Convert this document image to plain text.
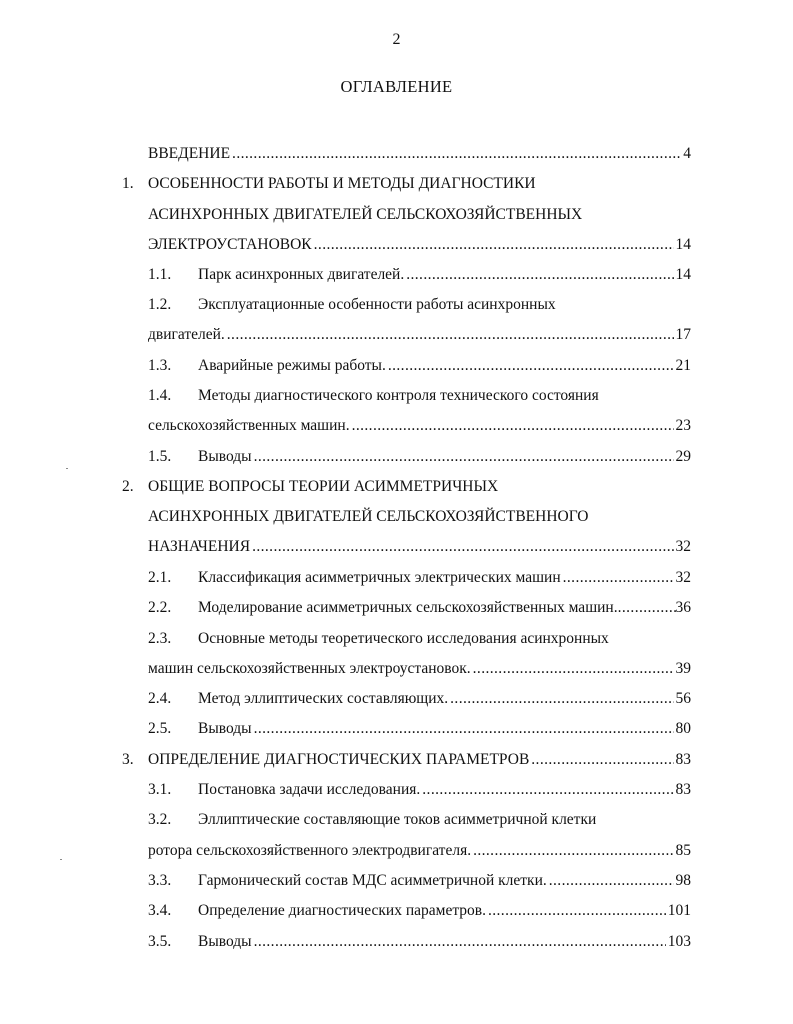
2
ОГЛАВЛЕНИЕ
ВВЕДЕНИЕ .....	4
1. ОСОБЕННОСТИ РАБОТЫ И МЕТОДЫ ДИАГНОСТИКИ
АСИНХРОННЫХ ДВИГАТЕЛЕЙ СЕЛЬСКОХОЗЯЙСТВЕННЫХ
ЭЛЕКТРОУСТАНОВОК .....	14
1.1.	Парк асинхронных двигателей. .....	14
1.2.	Эксплуатационные особенности работы асинхронных
двигателей. .....	17
1.3.	Аварийные режимы работы. .....	21
1.4.	Методы диагностического контроля технического состояния
сельскохозяйственных машин. .....	23
1.5.	Выводы .....	29
2. ОБЩИЕ ВОПРОСЫ ТЕОРИИ АСИММЕТРИЧНЫХ
АСИНХРОННЫХ ДВИГАТЕЛЕЙ СЕЛЬСКОХОЗЯЙСТВЕННОГО
НАЗНАЧЕНИЯ .....	32
2.1.	Классификация асимметричных электрических машин .....	32
2.2.	Моделирование асимметричных сельскохозяйственных машин. .....	36
2.3.	Основные методы теоретического исследования асинхронных
машин сельскохозяйственных электроустановок. .....	39
2.4.	Метод эллиптических составляющих. .....	56
2.5.	Выводы .....	80
3. ОПРЕДЕЛЕНИЕ ДИАГНОСТИЧЕСКИХ ПАРАМЕТРОВ .....	83
3.1.	Постановка задачи исследования. .....	83
3.2.	Эллиптические составляющие токов асимметричной клетки
ротора сельскохозяйственного электродвигателя. .....	85
3.3.	Гармонический состав МДС асимметричной клетки. .....	98
3.4.	Определение диагностических параметров. .....	101
3.5.	Выводы .....	103
